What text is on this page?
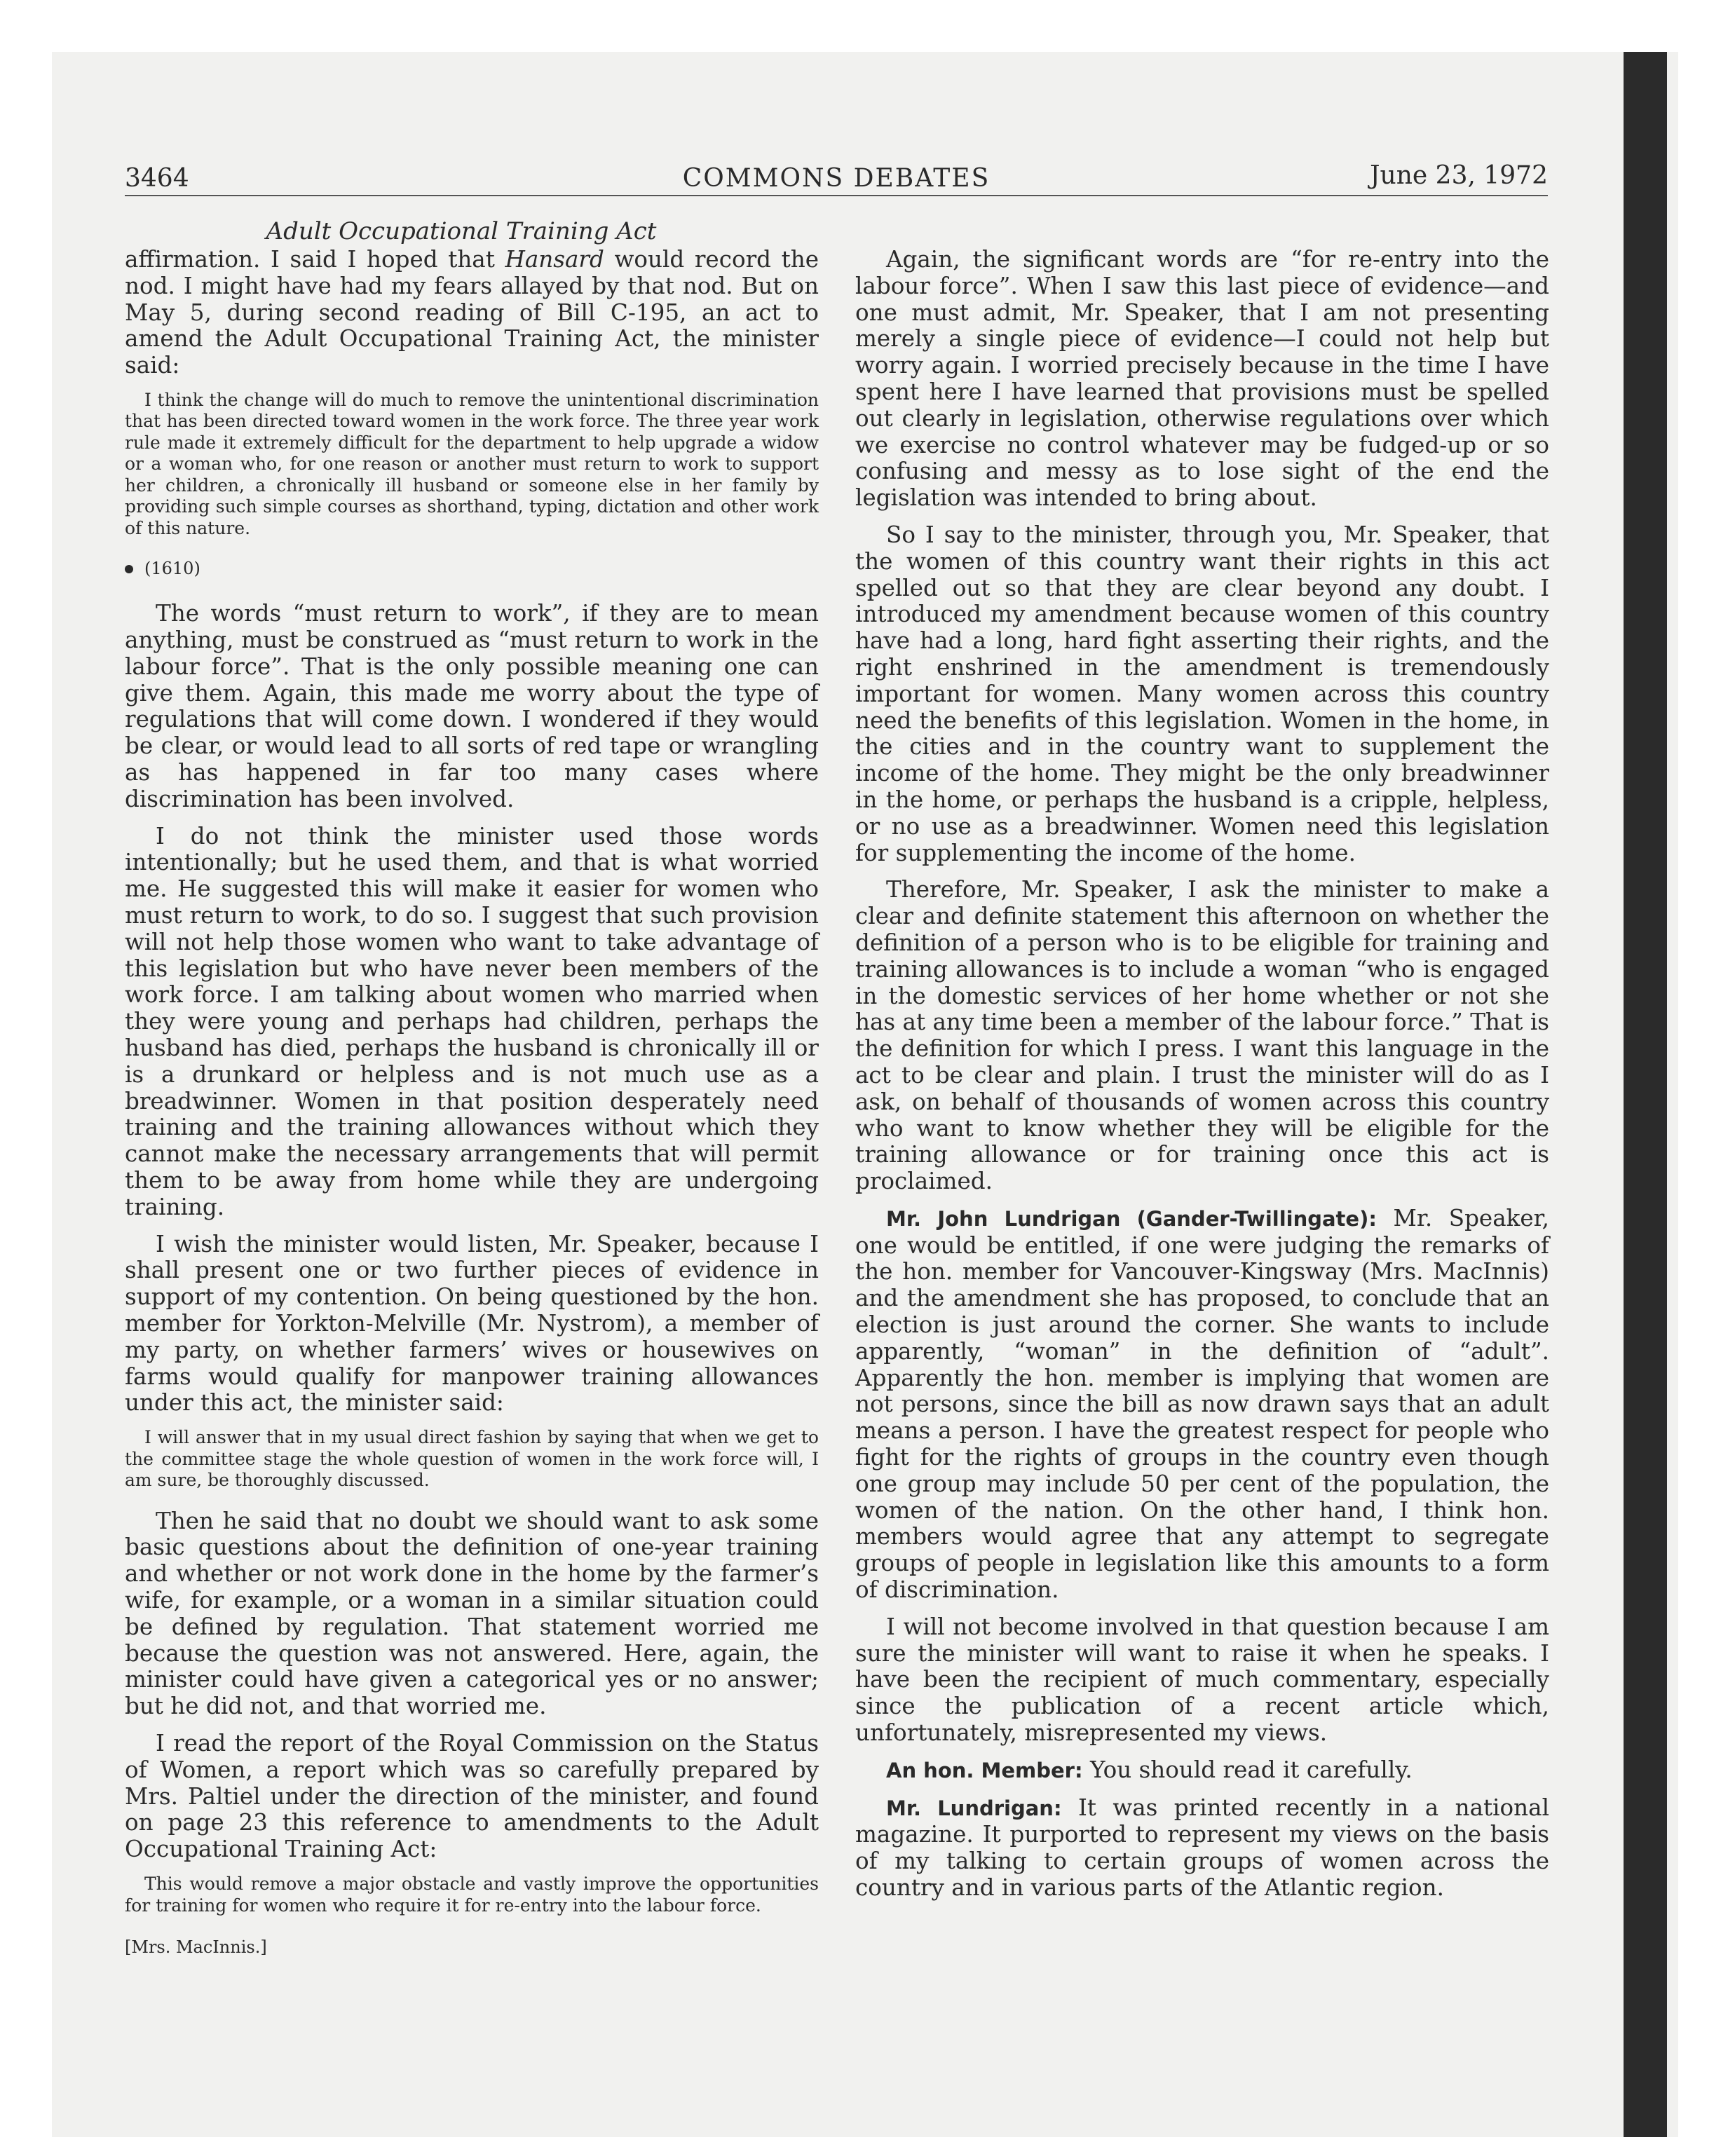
3464	COMMONS DEBATES	June 23, 1972
Adult Occupational Training Act

affirmation. I said I hoped that Hansard would record the nod. I might have had my fears allayed by that nod. But on May 5, during second reading of Bill C-195, an act to amend the Adult Occupational Training Act, the minister said:

I think the change will do much to remove the unintentional discrimination that has been directed toward women in the work force. The three year work rule made it extremely difficult for the department to help upgrade a widow or a woman who, for one reason or another must return to work to support her children, a chronically ill husband or someone else in her family by providing such simple courses as shorthand, typing, dictation and other work of this nature.

(1610)

The words “must return to work”, if they are to mean anything, must be construed as “must return to work in the labour force”. That is the only possible meaning one can give them. Again, this made me worry about the type of regulations that will come down. I wondered if they would be clear, or would lead to all sorts of red tape or wrangling as has happened in far too many cases where discrimination has been involved.

I do not think the minister used those words intentionally; but he used them, and that is what worried me. He suggested this will make it easier for women who must return to work, to do so. I suggest that such provision will not help those women who want to take advantage of this legislation but who have never been members of the work force. I am talking about women who married when they were young and perhaps had children, perhaps the husband has died, perhaps the husband is chronically ill or is a drunkard or helpless and is not much use as a breadwinner. Women in that position desperately need training and the training allowances without which they cannot make the necessary arrangements that will permit them to be away from home while they are undergoing training.

I wish the minister would listen, Mr. Speaker, because I shall present one or two further pieces of evidence in support of my contention. On being questioned by the hon. member for Yorkton-Melville (Mr. Nystrom), a member of my party, on whether farmers’ wives or housewives on farms would qualify for manpower training allowances under this act, the minister said:

I will answer that in my usual direct fashion by saying that when we get to the committee stage the whole question of women in the work force will, I am sure, be thoroughly discussed.

Then he said that no doubt we should want to ask some basic questions about the definition of one-year training and whether or not work done in the home by the farmer’s wife, for example, or a woman in a similar situation could be defined by regulation. That statement worried me because the question was not answered. Here, again, the minister could have given a categorical yes or no answer; but he did not, and that worried me.

I read the report of the Royal Commission on the Status of Women, a report which was so carefully prepared by Mrs. Paltiel under the direction of the minister, and found on page 23 this reference to amendments to the Adult Occupational Training Act:

This would remove a major obstacle and vastly improve the opportunities for training for women who require it for re-entry into the labour force.

[Mrs. MacInnis.]

Again, the significant words are “for re-entry into the labour force”. When I saw this last piece of evidence—and one must admit, Mr. Speaker, that I am not presenting merely a single piece of evidence—I could not help but worry again. I worried precisely because in the time I have spent here I have learned that provisions must be spelled out clearly in legislation, otherwise regulations over which we exercise no control whatever may be fudged-up or so confusing and messy as to lose sight of the end the legislation was intended to bring about.

So I say to the minister, through you, Mr. Speaker, that the women of this country want their rights in this act spelled out so that they are clear beyond any doubt. I introduced my amendment because women of this country have had a long, hard fight asserting their rights, and the right enshrined in the amendment is tremendously important for women. Many women across this country need the benefits of this legislation. Women in the home, in the cities and in the country want to supplement the income of the home. They might be the only breadwinner in the home, or perhaps the husband is a cripple, helpless, or no use as a breadwinner. Women need this legislation for supplementing the income of the home.

Therefore, Mr. Speaker, I ask the minister to make a clear and definite statement this afternoon on whether the definition of a person who is to be eligible for training and training allowances is to include a woman “who is engaged in the domestic services of her home whether or not she has at any time been a member of the labour force.” That is the definition for which I press. I want this language in the act to be clear and plain. I trust the minister will do as I ask, on behalf of thousands of women across this country who want to know whether they will be eligible for the training allowance or for training once this act is proclaimed.

Mr. John Lundrigan (Gander-Twillingate): Mr. Speaker, one would be entitled, if one were judging the remarks of the hon. member for Vancouver-Kingsway (Mrs. MacInnis) and the amendment she has proposed, to conclude that an election is just around the corner. She wants to include apparently, “woman” in the definition of “adult”. Apparently the hon. member is implying that women are not persons, since the bill as now drawn says that an adult means a person. I have the greatest respect for people who fight for the rights of groups in the country even though one group may include 50 per cent of the population, the women of the nation. On the other hand, I think hon. members would agree that any attempt to segregate groups of people in legislation like this amounts to a form of discrimination.

I will not become involved in that question because I am sure the minister will want to raise it when he speaks. I have been the recipient of much commentary, especially since the publication of a recent article which, unfortunately, misrepresented my views.

An hon. Member: You should read it carefully.

Mr. Lundrigan: It was printed recently in a national magazine. It purported to represent my views on the basis of my talking to certain groups of women across the country and in various parts of the Atlantic region.
